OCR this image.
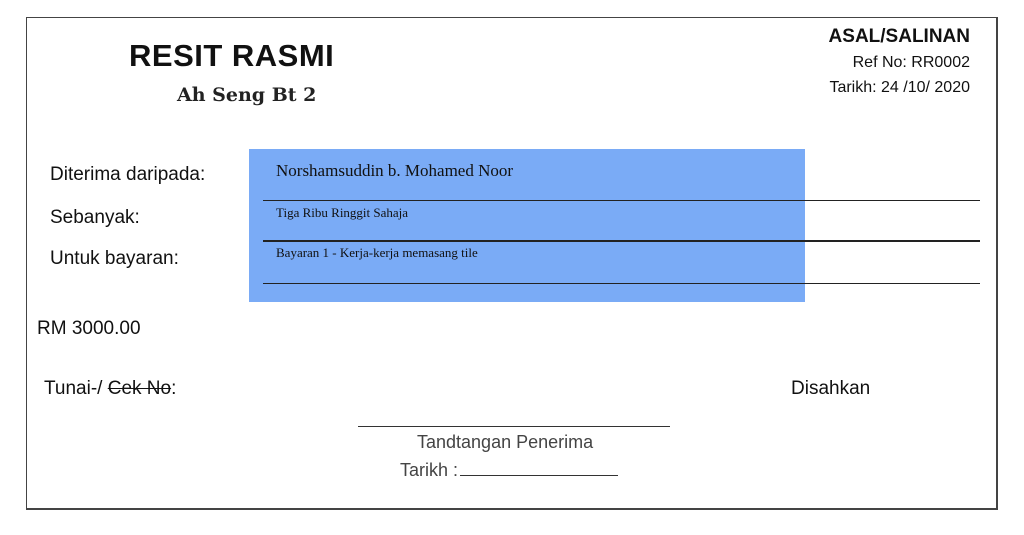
RESIT RASMI
Ah Seng Bt 2
ASAL/SALINAN
Ref No: RR0002
Tarikh: 24 /10/ 2020
Diterima daripada:	Norshamsuddin b. Mohamed Noor
Sebanyak:	Tiga Ribu Ringgit Sahaja
Untuk bayaran:	Bayaran 1 - Kerja-kerja memasang tile
RM 3000.00
Tunai-/ Cek No:	Disahkan
Tandtangan Penerima
Tarikh :
